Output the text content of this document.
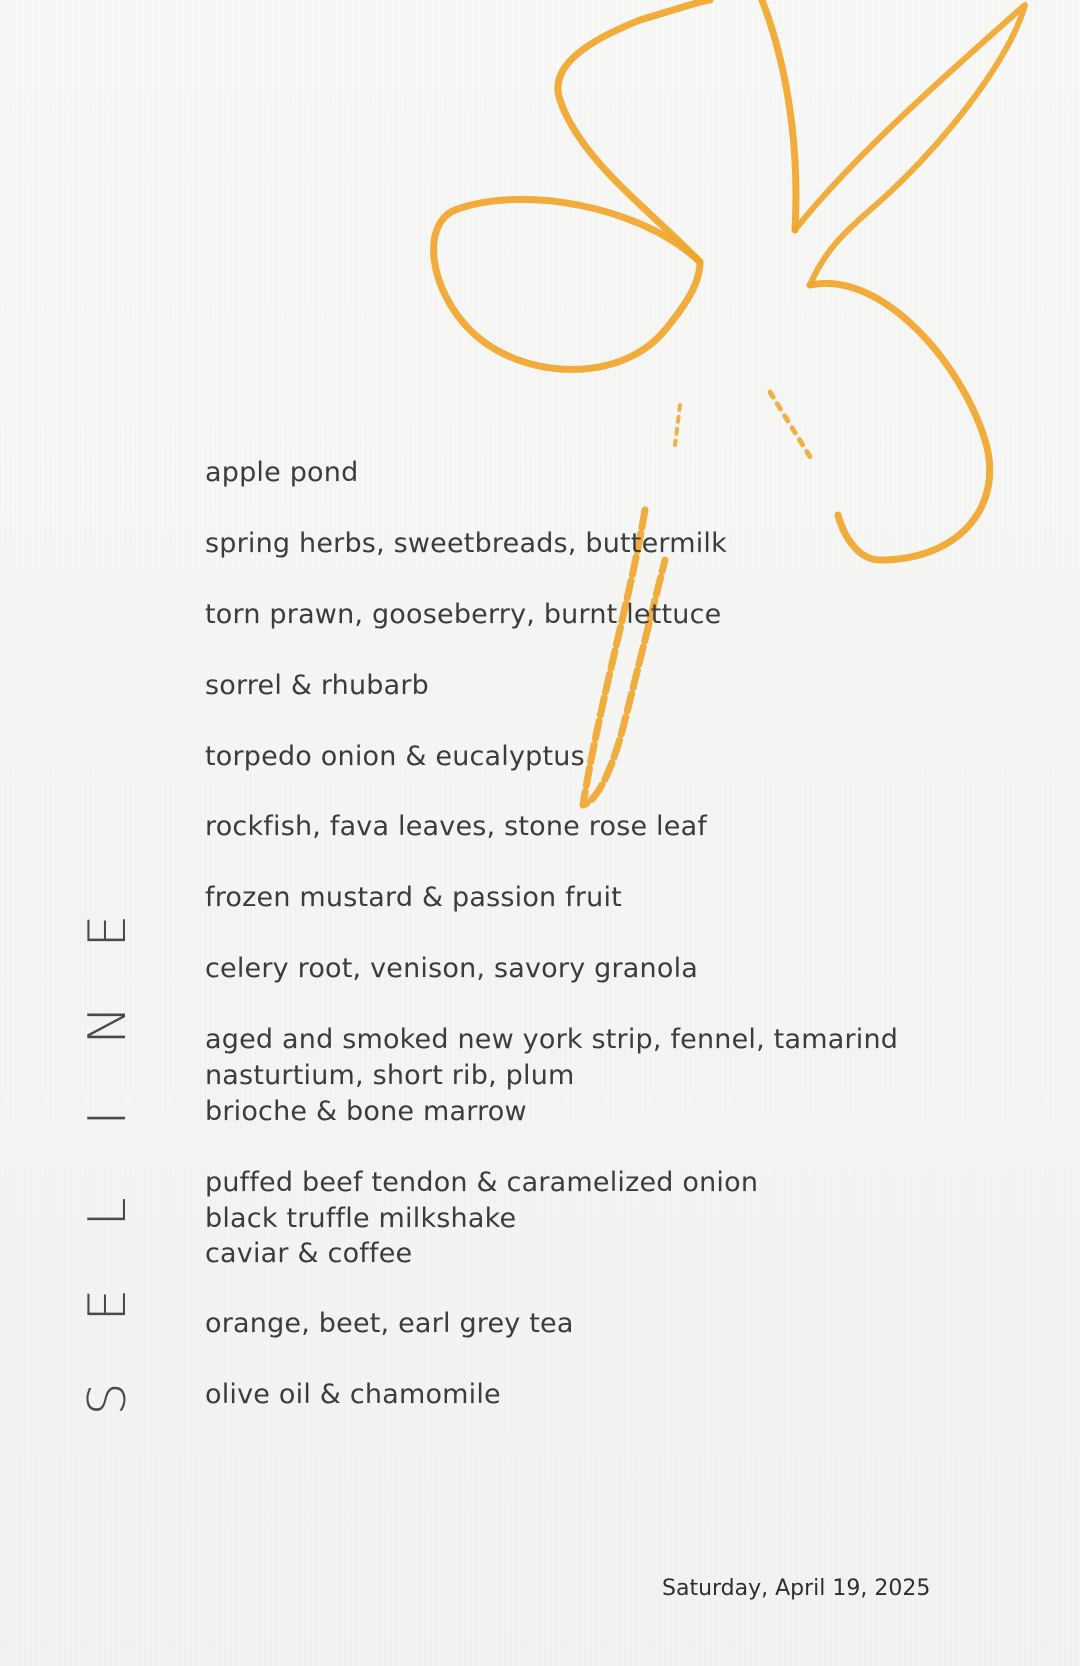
apple pond
spring herbs, sweetbreads, buttermilk
torn prawn, gooseberry, burnt lettuce
sorrel & rhubarb
torpedo onion & eucalyptus
rockfish, fava leaves, stone rose leaf
frozen mustard & passion fruit
celery root, venison, savory granola
aged and smoked new york strip, fennel, tamarind
nasturtium, short rib, plum
brioche & bone marrow
puffed beef tendon & caramelized onion
black truffle milkshake
caviar & coffee
orange, beet, earl grey tea
olive oil & chamomile
E
N
I
L
E
S
Saturday, April 19, 2025
